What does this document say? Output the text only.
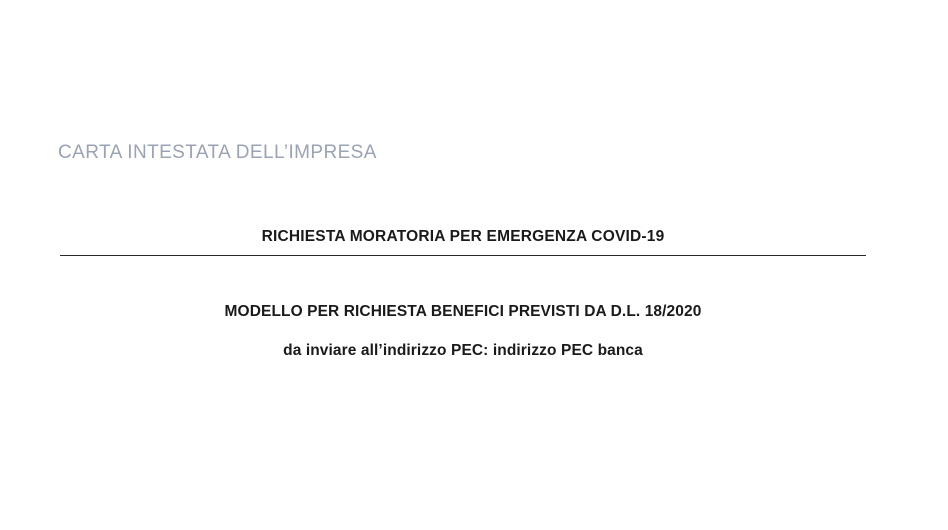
CARTA INTESTATA DELL’IMPRESA
RICHIESTA MORATORIA PER EMERGENZA COVID-19
MODELLO PER RICHIESTA BENEFICI PREVISTI DA D.L. 18/2020
da inviare all’indirizzo PEC: indirizzo PEC banca
